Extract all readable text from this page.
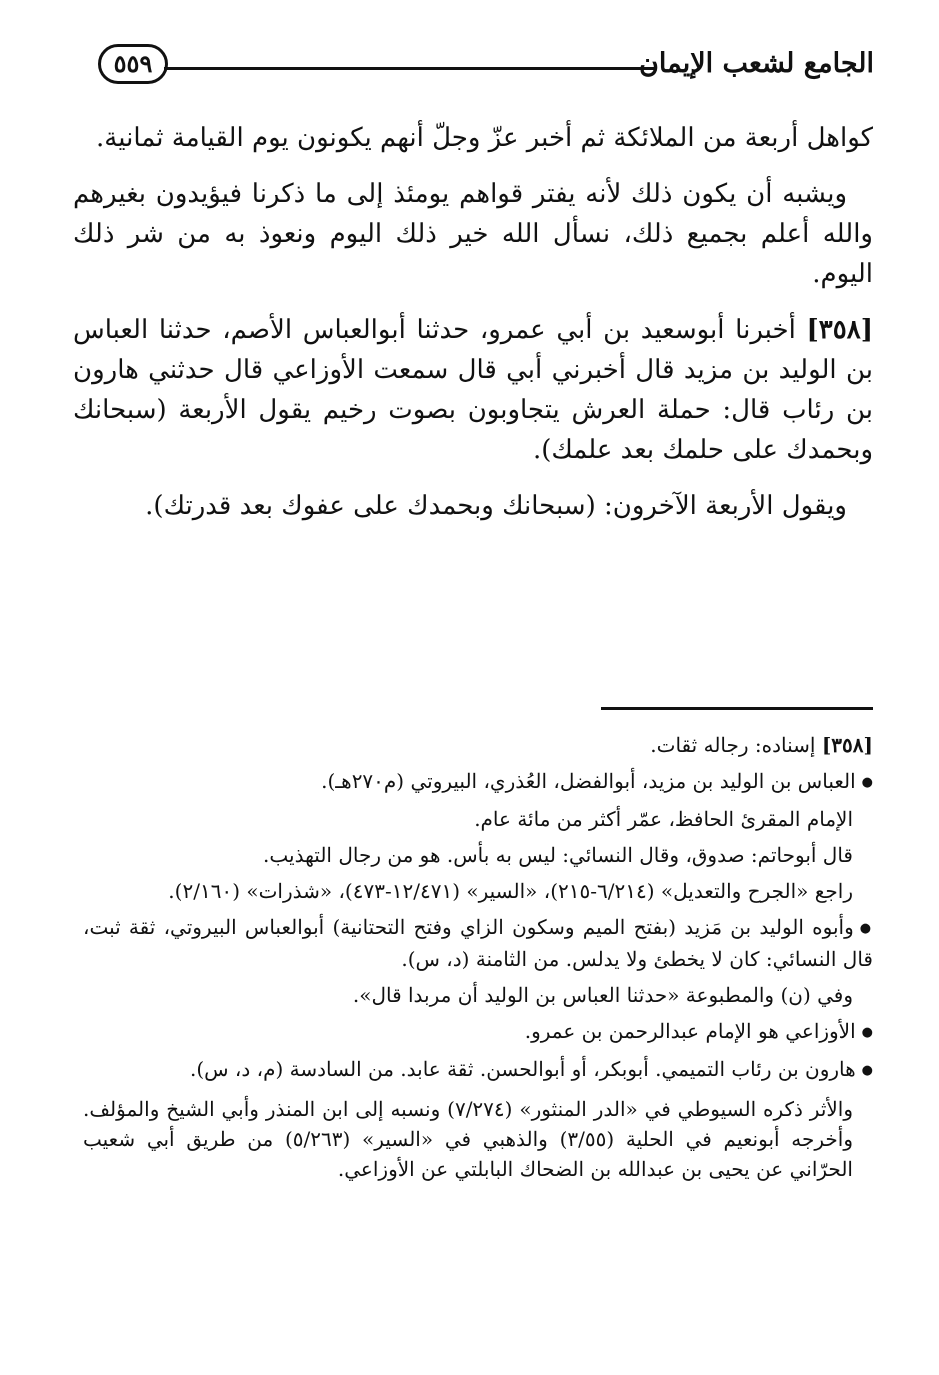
الجامع لشعب الإيمان
٥٥٩

كواهل أربعة من الملائكة ثم أخبر عزّ وجلّ أنهم يكونون يوم القيامة ثمانية.

ويشبه أن يكون ذلك لأنه يفتر قواهم يومئذ إلى ما ذكرنا فيؤيدون بغيرهم والله أعلم بجميع ذلك، نسأل الله خير ذلك اليوم ونعوذ به من شر ذلك اليوم.

[٣٥٨] أخبرنا أبوسعيد بن أبي عمرو، حدثنا أبوالعباس الأصم، حدثنا العباس بن الوليد بن مزيد قال أخبرني أبي قال سمعت الأوزاعي قال حدثني هارون بن رئاب قال: حملة العرش يتجاوبون بصوت رخيم يقول الأربعة (سبحانك وبحمدك على حلمك بعد علمك).

ويقول الأربعة الآخرون: (سبحانك وبحمدك على عفوك بعد قدرتك).

[٣٥٨] إسناده: رجاله ثقات.

● العباس بن الوليد بن مزيد، أبوالفضل، العُذري، البيروتي (م٢٧٠هـ).

الإمام المقرئ الحافظ، عمّر أكثر من مائة عام.

قال أبوحاتم: صدوق، وقال النسائي: ليس به بأس. هو من رجال التهذيب.

راجع «الجرح والتعديل» (٦/٢١٤-٢١٥)، «السير» (١٢/٤٧١-٤٧٣)، «شذرات» (٢/١٦٠).

● وأبوه الوليد بن مَزيد (بفتح الميم وسكون الزاي وفتح التحتانية) أبوالعباس البيروتي، ثقة ثبت، قال النسائي: كان لا يخطئ ولا يدلس. من الثامنة (د، س).

وفي (ن) والمطبوعة «حدثنا العباس بن الوليد أن مربدا قال».

● الأوزاعي هو الإمام عبدالرحمن بن عمرو.

● هارون بن رئاب التميمي. أبوبكر، أو أبوالحسن. ثقة عابد. من السادسة (م، د، س).

والأثر ذكره السيوطي في «الدر المنثور» (٧/٢٧٤) ونسبه إلى ابن المنذر وأبي الشيخ والمؤلف. وأخرجه أبونعيم في الحلية (٣/٥٥) والذهبي في «السير» (٥/٢٦٣) من طريق أبي شعيب الحرّاني عن يحيى بن عبدالله بن الضحاك البابلتي عن الأوزاعي.
